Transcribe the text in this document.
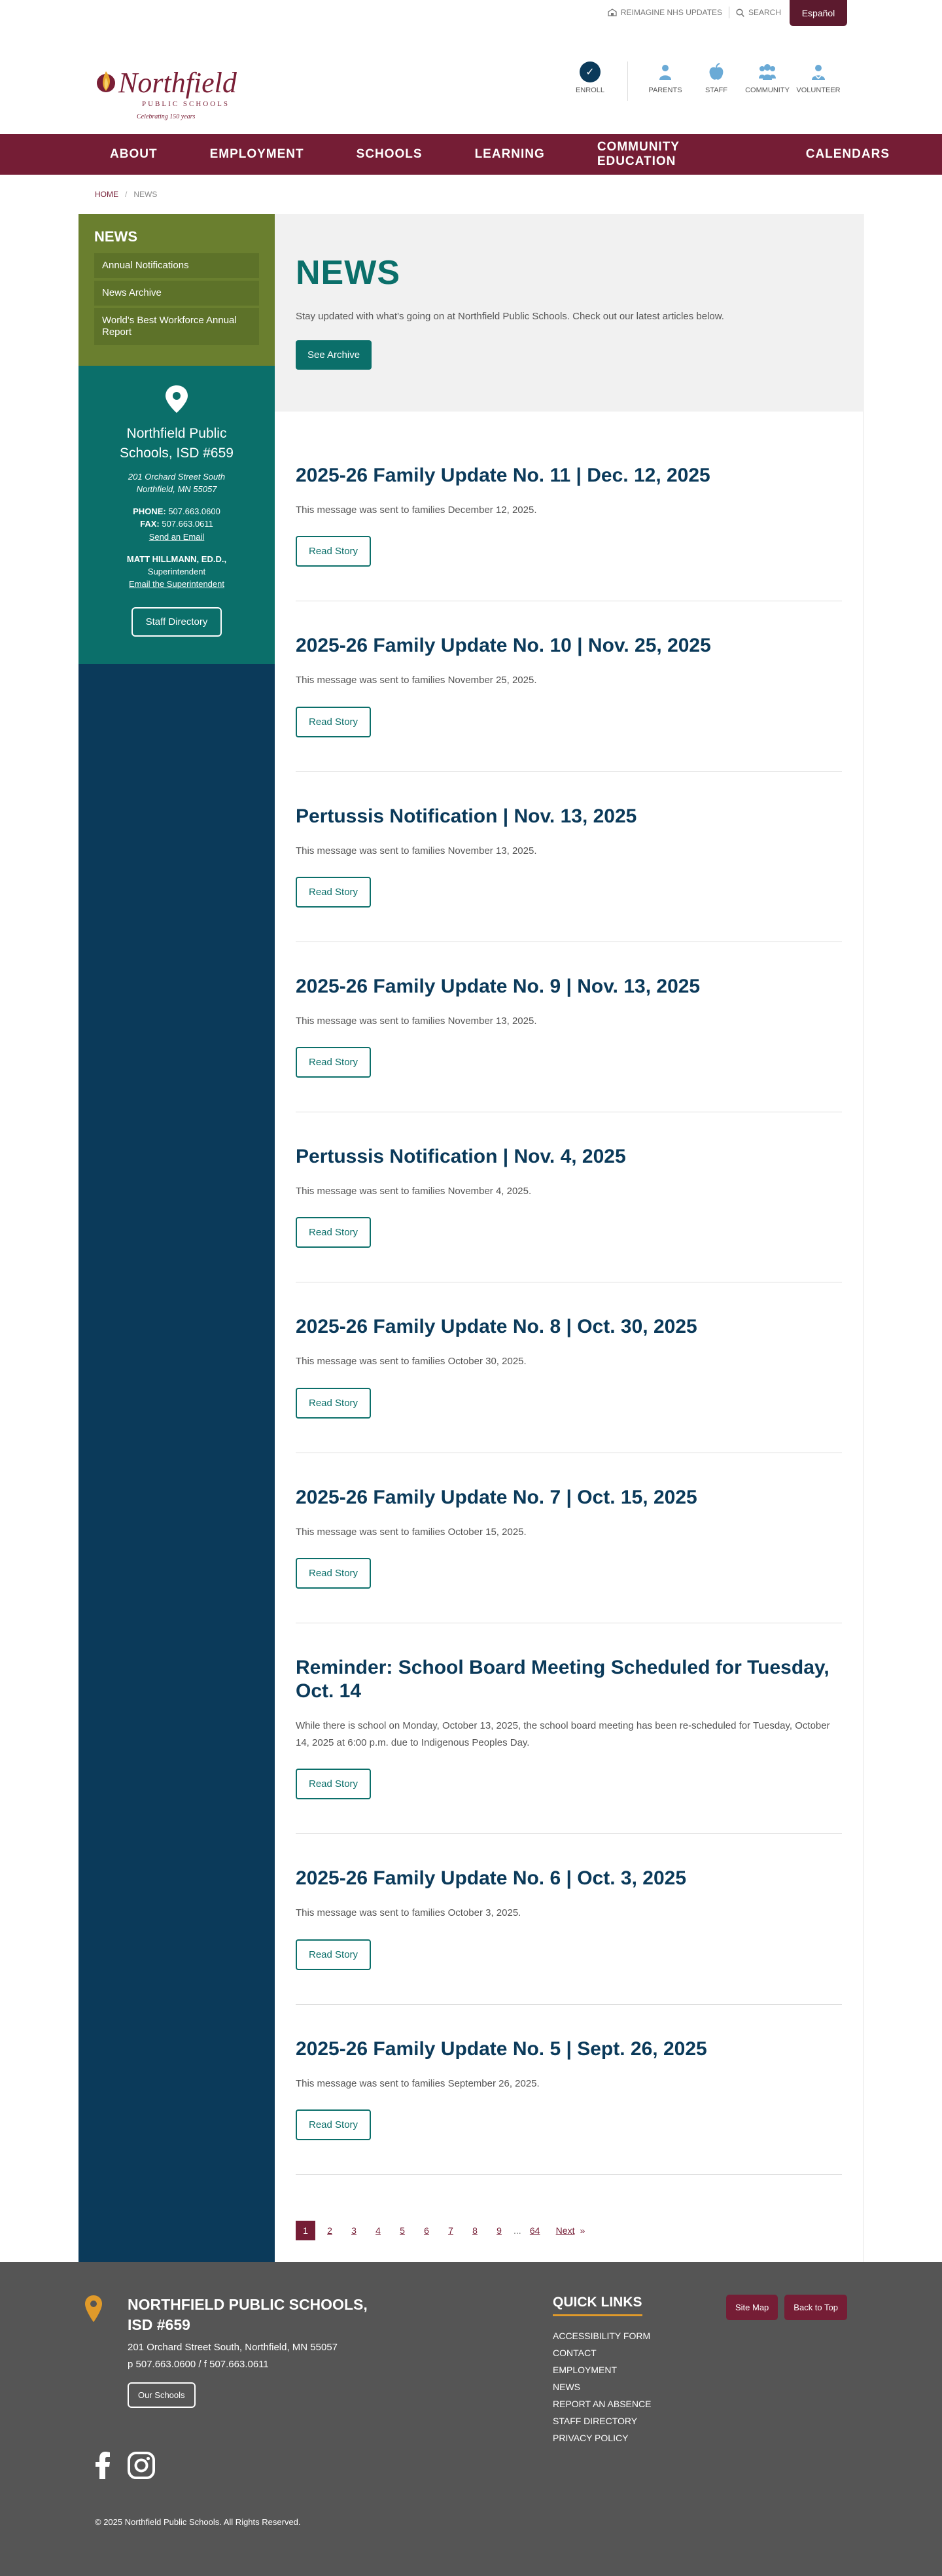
REIMAGINE NHS UPDATES	SEARCH	Español
Northfield
PUBLIC SCHOOLS
Celebrating 150 years
✓
ENROLL	PARENTS	STAFF COMMUNITY VOLUNTEER
ABOUT	EMPLOYMENT	SCHOOLS	LEARNING
COMMUNITY EDUCATION
CALENDARS
HOME / NEWS
NEWS
Annual Notifications
News Archive
World's Best Workforce Annual Report
Northfield Public
Schools, ISD #659
201 Orchard Street South
Northfield, MN 55057
PHONE: 507.663.0600
FAX: 507.663.0611
Send an Email
MATT HILLMANN, ED.D.,
Superintendent
Email the Superintendent
Staff Directory
NEWS

Stay updated with what's going on at Northfield Public Schools. Check out our latest articles below.

See Archive
2025-26 Family Update No. 11 | Dec. 12, 2025

This message was sent to families December 12, 2025.

Read Story
2025-26 Family Update No. 10 | Nov. 25, 2025

This message was sent to families November 25, 2025.

Read Story
Pertussis Notification | Nov. 13, 2025

This message was sent to families November 13, 2025.

Read Story
2025-26 Family Update No. 9 | Nov. 13, 2025

This message was sent to families November 13, 2025.

Read Story
Pertussis Notification | Nov. 4, 2025

This message was sent to families November 4, 2025.

Read Story
2025-26 Family Update No. 8 | Oct. 30, 2025

This message was sent to families October 30, 2025.

Read Story
2025-26 Family Update No. 7 | Oct. 15, 2025

This message was sent to families October 15, 2025.

Read Story
Reminder: School Board Meeting Scheduled for Tuesday, Oct. 14

While there is school on Monday, October 13, 2025, the school board meeting has been re-scheduled for Tuesday, October 14, 2025 at 6:00 p.m. due to Indigenous Peoples Day.

Read Story
2025-26 Family Update No. 6 | Oct. 3, 2025

This message was sent to families October 3, 2025.

Read Story
2025-26 Family Update No. 5 | Sept. 26, 2025

This message was sent to families September 26, 2025.

Read Story
1	2	3	4	5	6	7	8	9	... 64	Next »
NORTHFIELD PUBLIC SCHOOLS,
ISD #659
201 Orchard Street South, Northfield, MN 55057
p 507.663.0600 / f 507.663.0611
Our Schools
© 2025 Northfield Public Schools. All Rights Reserved.
QUICK LINKS
ACCESSIBILITY FORM
CONTACT
EMPLOYMENT
NEWS
REPORT AN ABSENCE
STAFF DIRECTORY
PRIVACY POLICY
Site Map	Back to Top
